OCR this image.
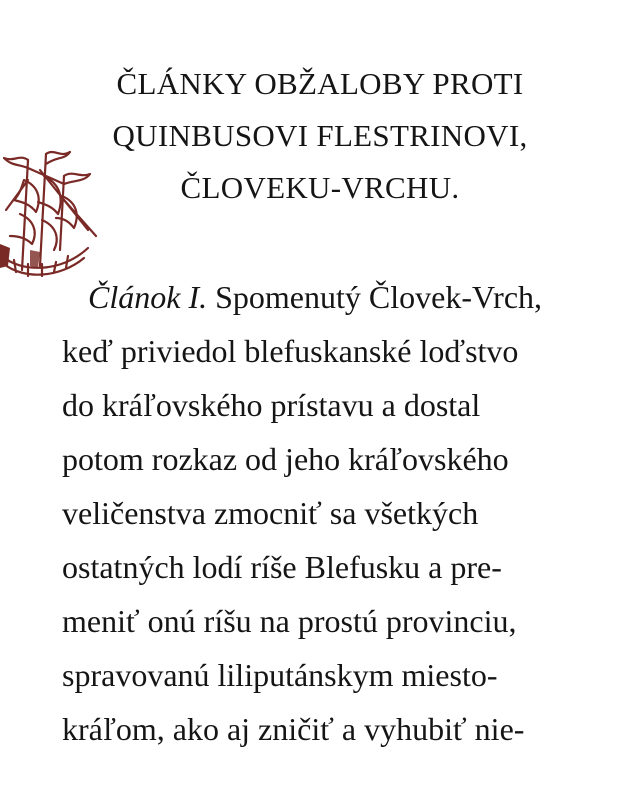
ČLÁNKY OBŽALOBY PROTI
QUINBUSOVI FLESTRINOVI,
ČLOVEKU-VRCHU.
Článok I. Spomenutý Človek-Vrch,
keď priviedol blefuskanské loďstvo
do kráľovského prístavu a dostal
potom rozkaz od jeho kráľovského
veličenstva zmocniť sa všetkých
ostatných lodí ríše Blefusku a pre-
meniť onú ríšu na prostú provinciu,
spravovanú liliputánskym miesto-
kráľom, ako aj zničiť a vyhubiť nie-
